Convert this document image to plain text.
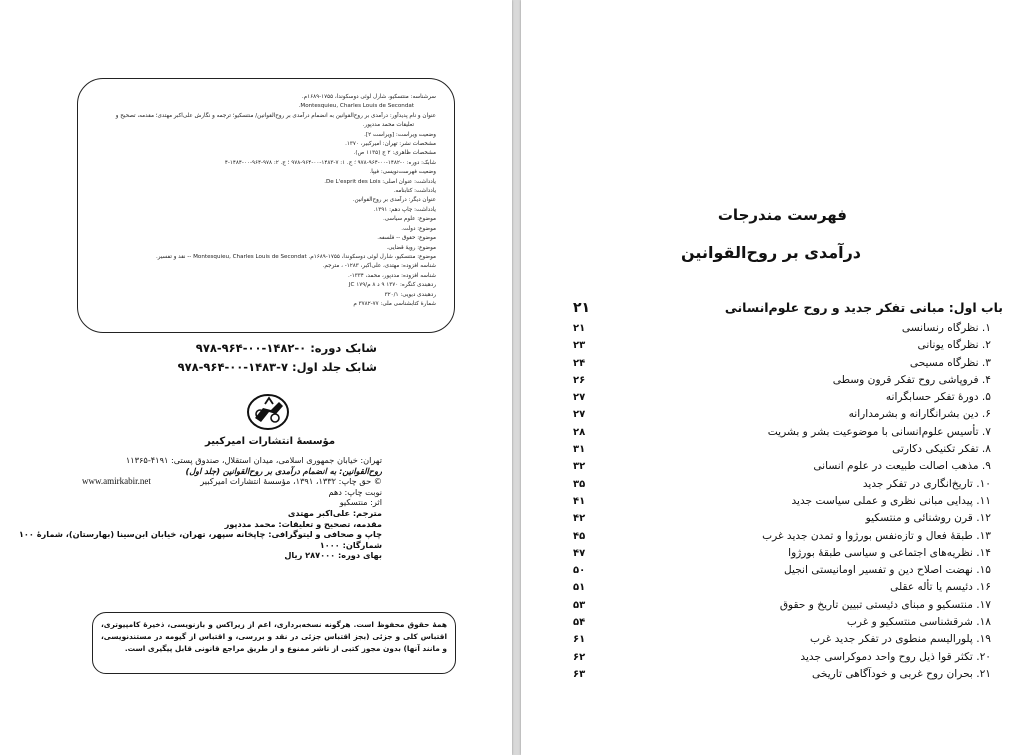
سرشناسه: منتسکیو، شارل لوئی دوسکوندا، ۱۷۵۵-۱۶۸۹م.
Montesquieu, Charles Louis de Secondat.
عنوان و نام پدیدآور: درآمدی بر روح‌القوانین به انضمام درآمدی بر روح‌القوانین/ منتسکیو؛ ترجمه و نگارش علی‌اکبر مهتدی؛ مقدمه، تصحیح و
تعلیقات محمد مددپور.
وضعیت ویراست: [ویراست ۲].
مشخصات نشر: تهران: امیرکبیر، ۱۳۷۰.
مشخصات ظاهری: ۲ ج (۱۱۳۵ ص).
شابک: دوره: ۰-۱۴۸۲-۰۰-۹۶۴-۹۷۸ ؛ ج. ۱: ۷-۱۴۸۳-۰۰-۹۶۴-۹۷۸ ؛ ج. ۲: ۹۷۸-۹۶۴-۰۰-۱۴۸۴-۴
وضعیت فهرست‌نویسی: فیپا.
یادداشت: عنوان اصلی: De L'esprit des Lois.
یادداشت: کتابنامه.
عنوان دیگر: درآمدی بر روح‌القوانین.
یادداشت: چاپ دهم: ۱۳۹۱.
موضوع: علوم سیاسی.
موضوع: دولت.
موضوع: حقوق -- فلسفه.
موضوع: رویهٔ قضایی.
موضوع: منتسکیو، شارل لوئی دوسکوندا، ۱۷۵۵-۱۶۸۹م. Montesquieu, Charles Louis de Secondat -- نقد و تفسیر.
شناسه افزوده: مهتدی، علی‌اکبر، ۱۲۸۳- ، مترجم.
شناسه افزوده: مددپور، محمد، ۱۳۳۴-.
ردهبندی کنگره: ۱۳۷۰ ۹ د ۸ م/۱۷۹ JC
ردهبندی دیویی: ۳۲۰/۱
شمارهٔ کتابشناسی ملی: ۷۷-۳۷۸۲ م
شابک دوره: ۰-۱۴۸۲-۰۰-۹۶۴-۹۷۸
شابک جلد اول: ۷-۱۴۸۳-۰۰-۹۶۴-۹۷۸
مؤسسهٔ انتشارات امیرکبیر
تهران: خیابان جمهوری اسلامی، میدان استقلال، صندوق پستی: ۴۱۹۱-۱۱۳۶۵
روح‌القوانین: به انضمام درآمدی بر روح‌القوانین (جلد اول)
www.amirkabir.net	© حق چاپ: ۱۳۳۲، ۱۳۹۱، مؤسسهٔ انتشارات امیرکبیر
نوبت چاپ: دهم
اثر: منتسکیو
مترجم: علی‌اکبر مهتدی
مقدمه، تصحیح و تعلیقات: محمد مددپور
چاپ و صحافی و لیتوگرافی: چاپخانه سپهر، تهران، خیابان ابن‌سینا (بهارستان)، شمارهٔ ۱۰۰
شمارگان: ۱۰۰۰
بهای دوره: ۲۸۷۰۰۰ ریال
همهٔ حقوق محفوظ است. هرگونه نسخه‌برداری، اعم از زیراکس و بازنویسی، ذخیرهٔ کامپیوتری، اقتباس کلی و جزئی (بجز اقتباس جزئی در نقد و بررسی، و اقتباس از گیومه در مستندنویسی، و مانند آنها) بدون مجوز کتبی از ناشر ممنوع و از طریق مراجع قانونی قابل پیگیری است.
فهرست مندرجات
درآمدی بر روح‌القوانین
باب اول: مبانی تفکر جدید و روح علوم‌انسانی
۲۱
۱. نظرگاه رنسانسی
۲۱
۲. نظرگاه یونانی
۲۳
۳. نظرگاه مسیحی
۲۴
۴. فروپاشی روح تفکر قرون وسطی
۲۶
۵. دورهٔ تفکر حسابگرانه
۲۷
۶. دین بشرانگارانه و بشرمدارانه
۲۷
۷. تأسیس علوم‌انسانی با موضوعیت بشر و بشریت
۲۸
۸. تفکر تکنیکی دکارتی
۳۱
۹. مذهب اصالت طبیعت در علوم انسانی
۳۲
۱۰. تاریخ‌انگاری در تفکر جدید
۳۵
۱۱. پیدایی مبانی نظری و عملی سیاست جدید
۴۱
۱۲. قرن روشنائی و منتسکیو
۴۲
۱۳. طبقهٔ فعال و تازه‌نفس بورژوا و تمدن جدید غرب
۴۵
۱۴. نظریه‌های اجتماعی و سیاسی طبقهٔ بورژوا
۴۷
۱۵. نهضت اصلاح دین و تفسیر اومانیستی انجیل
۵۰
۱۶. دئیسم یا تأله عقلی
۵۱
۱۷. منتسکیو و مبنای دئیستی تبیین تاریخ و حقوق
۵۳
۱۸. شرقشناسی منتسکیو و غرب
۵۴
۱۹. پلورالیسم منطوی در تفکر جدید غرب
۶۱
۲۰. تکثر قوا ذیل روح واحد دموکراسی جدید
۶۲
۲۱. بحران روح غربی و خودآگاهی تاریخی
۶۳
